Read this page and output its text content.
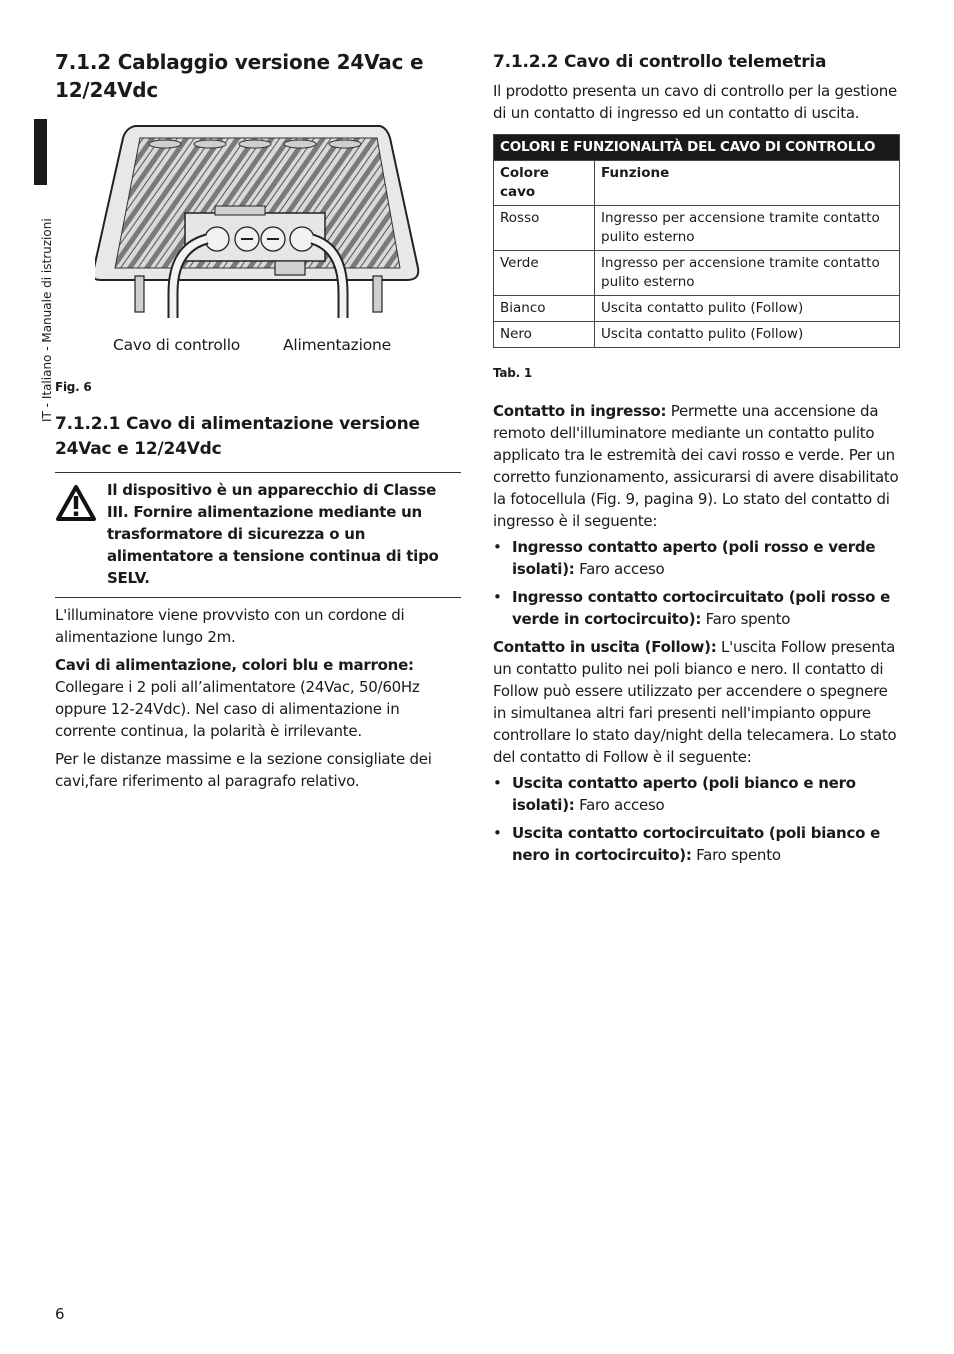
IT - Italiano - Manuale di istruzioni
7.1.2 Cablaggio versione 24Vac e 12/24Vdc
Cavo di controllo	Alimentazione

Fig. 6

7.1.2.1 Cavo di alimentazione versione 24Vac e 12/24Vdc

Il dispositivo è un apparecchio di Classe III. Fornire alimentazione mediante un trasformatore di sicurezza o un alimentatore a tensione continua di tipo SELV.

L'illuminatore viene provvisto con un cordone di alimentazione lungo 2m.

Cavi di alimentazione, colori blu e marrone: Collegare i 2 poli all’alimentatore (24Vac, 50/60Hz oppure 12-24Vdc). Nel caso di alimentazione in corrente continua, la polarità è irrilevante.

Per le distanze massime e la sezione consigliate dei cavi,fare riferimento al paragrafo relativo.

7.1.2.2 Cavo di controllo telemetria

Il prodotto presenta un cavo di controllo per la gestione di un contatto di ingresso ed un contatto di uscita.

COLORI E FUNZIONALITÀ DEL CAVO DI CONTROLLO	
Colore cavo	Funzione
Rosso	Ingresso per accensione tramite contatto pulito esterno
Verde	Ingresso per accensione tramite contatto pulito esterno
Bianco	Uscita contatto pulito (Follow)
Nero	Uscita contatto pulito (Follow)

Tab. 1

Contatto in ingresso: Permette una accensione da remoto dell'illuminatore mediante un contatto pulito applicato tra le estremità dei cavi rosso e verde. Per un corretto funzionamento, assicurarsi di avere disabilitato la fotocellula (Fig. 9, pagina 9). Lo stato del contatto di ingresso è il seguente:

• Ingresso contatto aperto (poli rosso e verde isolati): Faro acceso
• Ingresso contatto cortocircuitato (poli rosso e verde in cortocircuito): Faro spento

Contatto in uscita (Follow): L'uscita Follow presenta un contatto pulito nei poli bianco e nero. Il contatto di Follow può essere utilizzato per accendere o spegnere in simultanea altri fari presenti nell'impianto oppure controllare lo stato day/night della telecamera. Lo stato del contatto di Follow è il seguente:

• Uscita contatto aperto (poli bianco e nero isolati): Faro acceso
• Uscita contatto cortocircuitato (poli bianco e nero in cortocircuito): Faro spento
6
